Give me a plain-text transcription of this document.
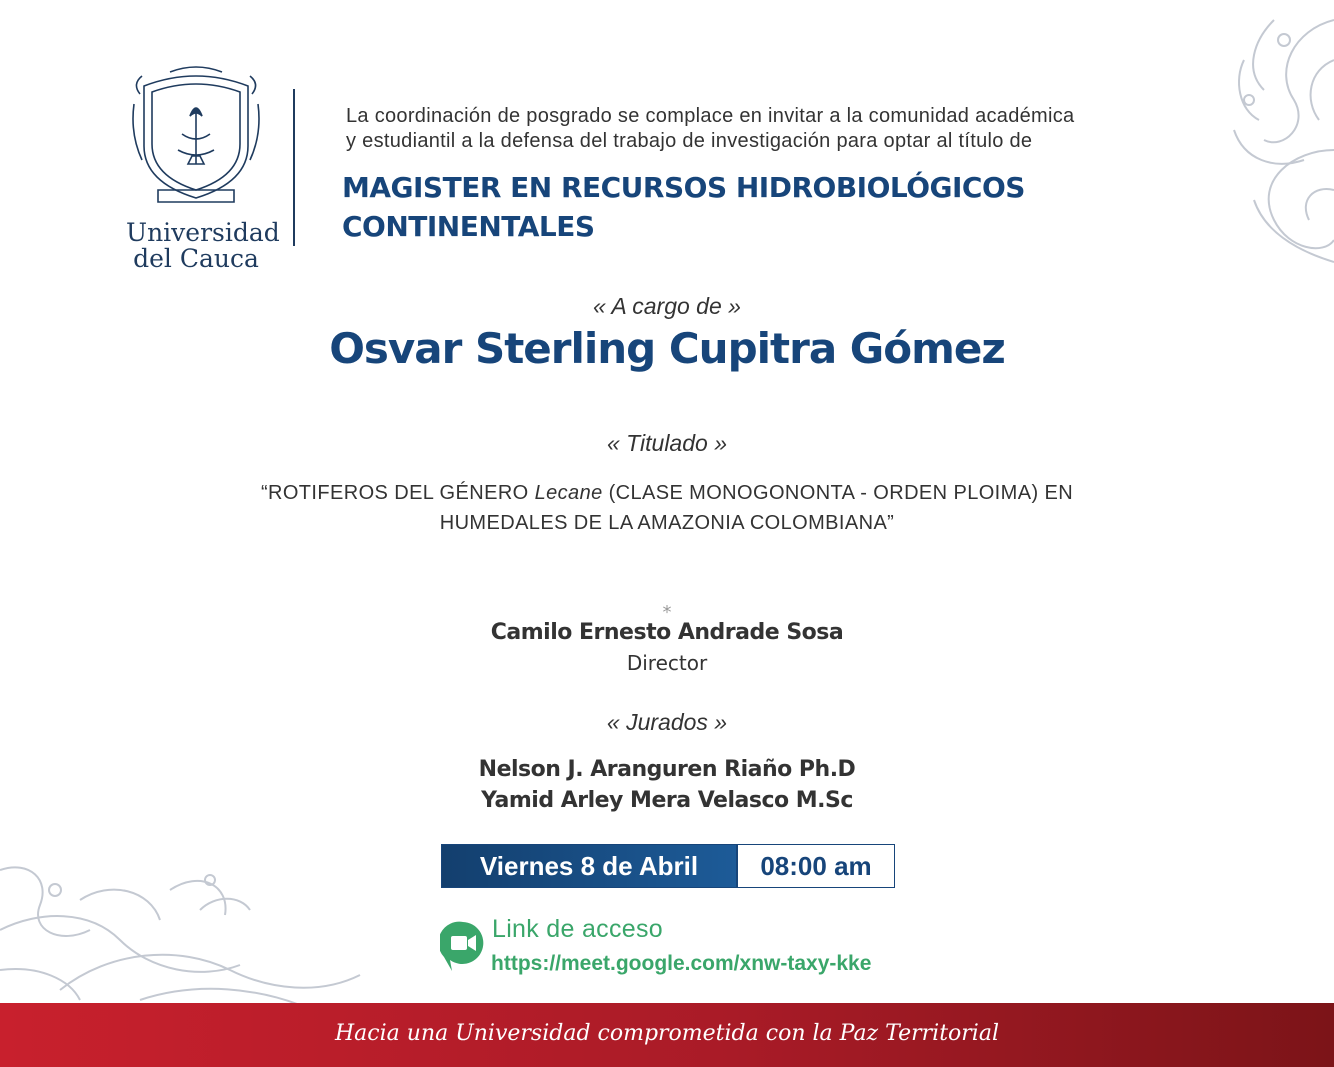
Universidad
del Cauca
La coordinación de posgrado se complace en invitar a la comunidad académica
y estudiantil a la defensa del trabajo de investigación para optar al título de
MAGISTER EN RECURSOS HIDROBIOLÓGICOS
CONTINENTALES
« A cargo de »
Osvar Sterling Cupitra Gómez
« Titulado »
“ROTIFEROS DEL GÉNERO Lecane (CLASE MONOGONONTA - ORDEN PLOIMA) EN
HUMEDALES DE LA AMAZONIA COLOMBIANA”
*
Camilo Ernesto Andrade Sosa
Director
« Jurados »
Nelson J. Aranguren Riaño Ph.D
Yamid Arley Mera Velasco M.Sc
Viernes 8 de Abril	08:00 am
Link de acceso
https://meet.google.com/xnw-taxy-kke
Hacia una Universidad comprometida con la Paz Territorial
